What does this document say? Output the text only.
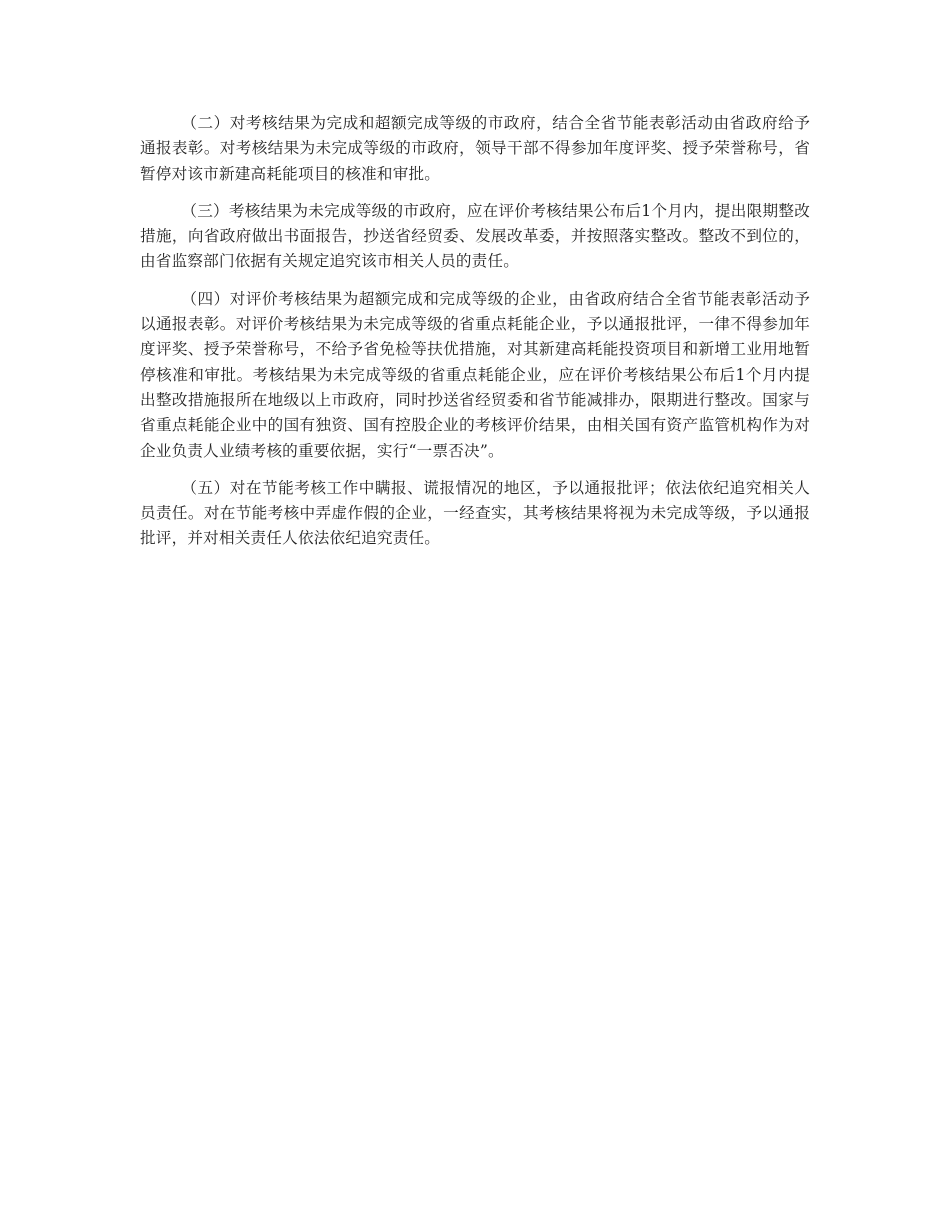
（二）对考核结果为完成和超额完成等级的市政府，结合全省节能表彰活动由省政府给予通报表彰。对考核结果为未完成等级的市政府，领导干部不得参加年度评奖、授予荣誉称号，省暂停对该市新建高耗能项目的核准和审批。

（三）考核结果为未完成等级的市政府，应在评价考核结果公布后1个月内，提出限期整改措施，向省政府做出书面报告，抄送省经贸委、发展改革委，并按照落实整改。整改不到位的，由省监察部门依据有关规定追究该市相关人员的责任。

（四）对评价考核结果为超额完成和完成等级的企业，由省政府结合全省节能表彰活动予以通报表彰。对评价考核结果为未完成等级的省重点耗能企业，予以通报批评，一律不得参加年度评奖、授予荣誉称号，不给予省免检等扶优措施，对其新建高耗能投资项目和新增工业用地暂停核准和审批。考核结果为未完成等级的省重点耗能企业，应在评价考核结果公布后1个月内提出整改措施报所在地级以上市政府，同时抄送省经贸委和省节能减排办，限期进行整改。国家与省重点耗能企业中的国有独资、国有控股企业的考核评价结果，由相关国有资产监管机构作为对企业负责人业绩考核的重要依据，实行“一票否决”。

（五）对在节能考核工作中瞒报、谎报情况的地区，予以通报批评；依法依纪追究相关人员责任。对在节能考核中弄虚作假的企业，一经查实，其考核结果将视为未完成等级，予以通报批评，并对相关责任人依法依纪追究责任。
